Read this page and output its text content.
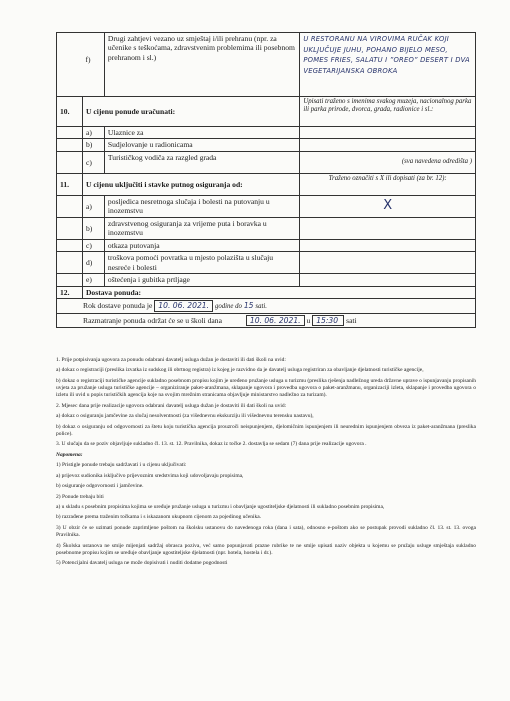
	f)	Drugi zahtjevi vezano uz smještaj i/ili prehranu (npr. za učenike s teškoćama, zdravstvenim problemima ili posebnom prehranom i sl.)	U RESTORANU NA VIROVIMA RUČAK KOJI UKLJUČUJE JUHU, POHANO BIJELO MESO, POMES FRIES, SALATU I ”OREO” DESERT I DVA VEGETARIJANSKA OBROKA
10.	U cijenu ponude uračunati:		Upisati traženo s imenima svakog muzeja, nacionalnog parka ili parka prirode, dvorca, grada, radionice i sl.:
	a)	Ulaznice za	
	b)	Sudjelovanje u radionicama	
	c)	Turističkog vodiča za razgled grada	(sva navedena odredišta )
11.	U cijenu uključiti i stavke putnog osiguranja od:		Traženo označiti s X ili dopisati (za br. 12):
	a)	posljedica nesretnoga slučaja i bolesti na putovanju u inozemstvu	X
	b)	zdravstvenog osiguranja za vrijeme puta i boravka u inozemstvu	
	c)	otkaza putovanja	
	d)	troškova pomoći povratka u mjesto polazišta u slučaju nesreće i bolesti	
	e)	oštećenja i gubitka prtljage	
12.	Dostava ponuda:		
Rok dostave ponuda je 10. 06. 2021. godine do 15 sati.			
Razmatranje ponuda održat će se u školi dana 10. 06. 2021. u 15:30 sati			

1. Prije potpisivanja ugovora za ponudu odabrani davatelj usluga dužan je dostaviti ili dati školi na uvid:

a) dokaz o registraciji (preslika izvatka iz sudskog ili obrtnog registra) iz kojeg je razvidno da je davatelj usluga registriran za obavljanje djelatnosti turističke agencije,

b) dokaz o registraciji turističke agencije sukladno posebnom propisu kojim je uređeno pružanje usluga u turizmu (preslika rješenja nadležnog ureda državne uprave o ispunjavanju propisanih uvjeta za pružanje usluga turističke agencije – organiziranje paket-aranžmana, sklapanje ugovora i provedba ugovora o paket-aranžmanu, organizaciji izleta, sklapanje i provedba ugovora o izletu ili uvid u popis turističkih agencija koje na svojim mrežnim stranicama objavljuje ministarstvo nadležno za turizam).

2. Mjesec dana prije realizacije ugovora odabrani davatelj usluga dužan je dostaviti ili dati školi na uvid:

a) dokaz o osiguranju jamčevine za slučaj nesolventnosti (za višednevnu ekskurziju ili višednevnu terensku nastavu),

b) dokaz o osiguranju od odgovornosti za štetu koju turistička agencija prouzroči neispunjenjem, djelomičnim ispunjenjem ili neurednim ispunjenjem obveza iz paket-aranžmana (preslika police).

3. U slučaju da se poziv objavljuje sukladno čl. 13. st. 12. Pravilnika, dokaz iz točke 2. dostavlja se sedam (7) dana prije realizacije ugovora .

Napomena:

1) Pristigle ponude trebaju sadržavati i u cijenu uključivati:

a) prijevoz sudionika isključivo prijevoznim sredstvima koji udovoljavaju propisima,

b) osiguranje odgovornosti i jamčevine.

2) Ponude trebaju biti

a) u skladu s posebnim propisima kojima se uređuje pružanje usluga u turizmu i obavljanje ugostiteljske djelatnosti ili sukladno posebnim propisima,

b) razrađene prema traženim točkama i s iskazanom ukupnom cijenom za pojedinog učenika.

3) U obzir će se uzimati ponude zaprimljene poštom na školsku ustanovu do navedenoga roka (dana i sata), odnosno e-poštom ako se postupak provodi sukladno čl. 13. st. 13. ovoga Pravilnika.

4) Školska ustanova ne smije mijenjati sadržaj obrasca poziva, već samo popunjavati prazne rubrike te ne smije upisati naziv objekta u kojemu se pružaju usluge smještaja sukladno posebnome propisu kojim se uređuje obavljanje ugostiteljske djelatnosti (npr. hotela, hostela i dr.).

5) Potencijalni davatelj usluga ne može dopisivati i nuditi dodatne pogodnosti
